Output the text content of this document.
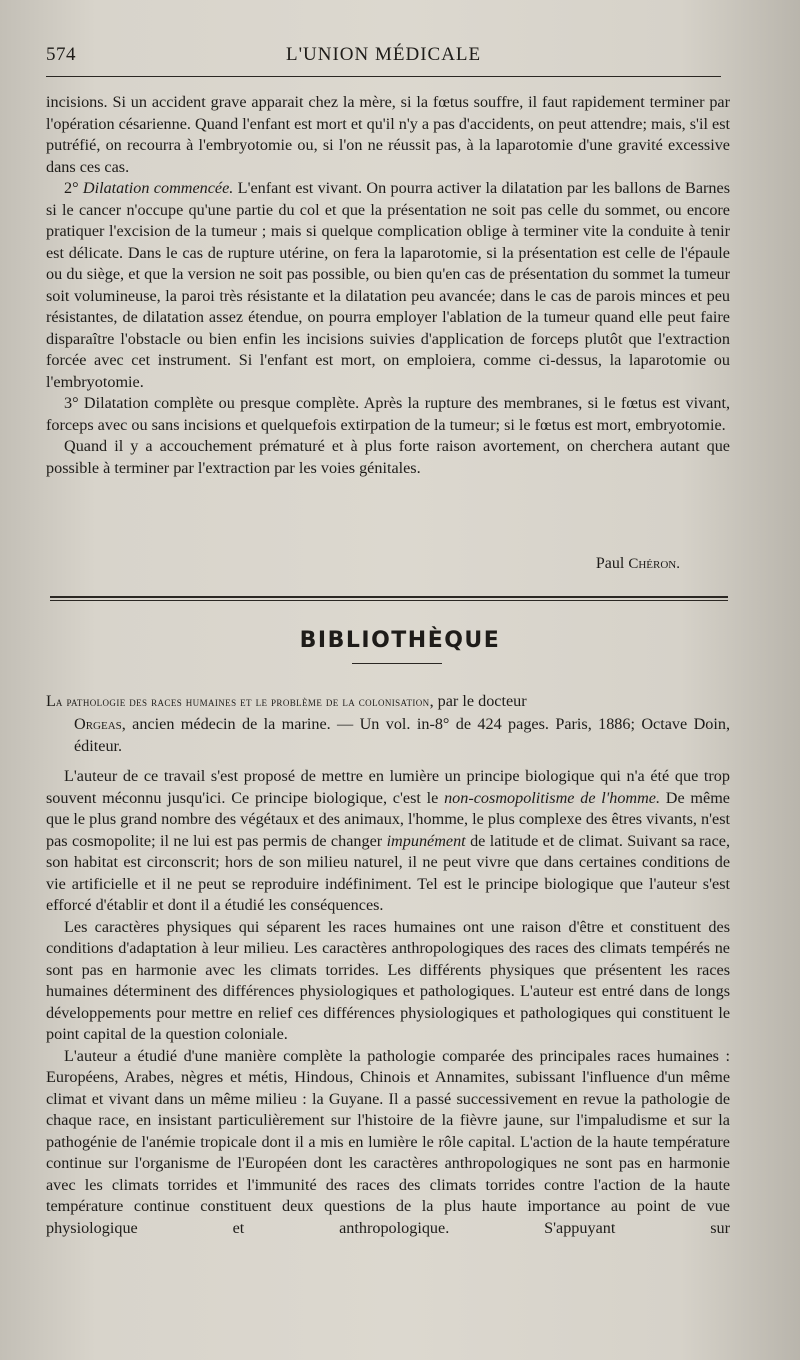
574	L'UNION MÉDICALE

incisions. Si un accident grave apparait chez la mère, si la fœtus souffre, il faut rapidement terminer par l'opération césarienne. Quand l'enfant est mort et qu'il n'y a pas d'accidents, on peut attendre; mais, s'il est putréfié, on recourra à l'embryotomie ou, si l'on ne réussit pas, à la laparotomie d'une gravité excessive dans ces cas.

2° Dilatation commencée. L'enfant est vivant. On pourra activer la dilatation par les ballons de Barnes si le cancer n'occupe qu'une partie du col et que la présentation ne soit pas celle du sommet, ou encore pratiquer l'excision de la tumeur ; mais si quelque complication oblige à terminer vite la conduite à tenir est délicate. Dans le cas de rupture utérine, on fera la laparotomie, si la présentation est celle de l'épaule ou du siège, et que la version ne soit pas possible, ou bien qu'en cas de présentation du sommet la tumeur soit volumineuse, la paroi très résistante et la dilatation peu avancée; dans le cas de parois minces et peu résistantes, de dilatation assez étendue, on pourra employer l'ablation de la tumeur quand elle peut faire disparaître l'obstacle ou bien enfin les incisions suivies d'application de forceps plutôt que l'extraction forcée avec cet instrument. Si l'enfant est mort, on emploiera, comme ci-dessus, la laparotomie ou l'embryotomie.

3° Dilatation complète ou presque complète. Après la rupture des membranes, si le fœtus est vivant, forceps avec ou sans incisions et quelquefois extirpation de la tumeur; si le fœtus est mort, embryotomie.

Quand il y a accouchement prématuré et à plus forte raison avortement, on cherchera autant que possible à terminer par l'extraction par les voies génitales.

Paul Chéron.
BIBLIOTHÈQUE
La pathologie des races humaines et le problème de la colonisation, par le docteur
Orgeas, ancien médecin de la marine. — Un vol. in-8° de 424 pages. Paris, 1886; Octave Doin, éditeur.

L'auteur de ce travail s'est proposé de mettre en lumière un principe biologique qui n'a été que trop souvent méconnu jusqu'ici. Ce principe biologique, c'est le non-cosmopolitisme de l'homme. De même que le plus grand nombre des végétaux et des animaux, l'homme, le plus complexe des êtres vivants, n'est pas cosmopolite; il ne lui est pas permis de changer impunément de latitude et de climat. Suivant sa race, son habitat est circonscrit; hors de son milieu naturel, il ne peut vivre que dans certaines conditions de vie artificielle et il ne peut se reproduire indéfiniment. Tel est le principe biologique que l'auteur s'est efforcé d'établir et dont il a étudié les conséquences.

Les caractères physiques qui séparent les races humaines ont une raison d'être et constituent des conditions d'adaptation à leur milieu. Les caractères anthropologiques des races des climats tempérés ne sont pas en harmonie avec les climats torrides. Les différents physiques que présentent les races humaines déterminent des différences physiologiques et pathologiques. L'auteur est entré dans de longs développements pour mettre en relief ces différences physiologiques et pathologiques qui constituent le point capital de la question coloniale.

L'auteur a étudié d'une manière complète la pathologie comparée des principales races humaines : Européens, Arabes, nègres et métis, Hindous, Chinois et Annamites, subissant l'influence d'un même climat et vivant dans un même milieu : la Guyane. Il a passé successivement en revue la pathologie de chaque race, en insistant particulièrement sur l'histoire de la fièvre jaune, sur l'impaludisme et sur la pathogénie de l'anémie tropicale dont il a mis en lumière le rôle capital. L'action de la haute température continue sur l'organisme de l'Européen dont les caractères anthropologiques ne sont pas en harmonie avec les climats torrides et l'immunité des races des climats torrides contre l'action de la haute température continue constituent deux questions de la plus haute importance au point de vue physiologique et anthropologique. S'appuyant sur
